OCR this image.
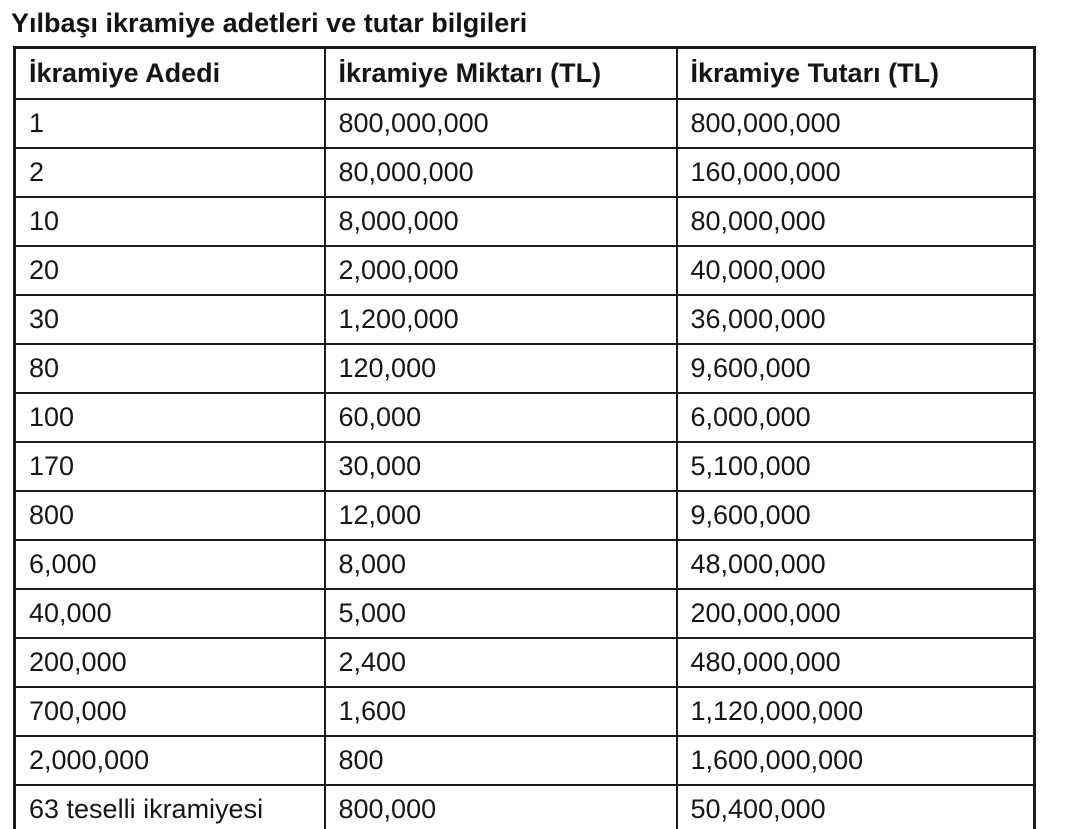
Yılbaşı ikramiye adetleri ve tutar bilgileri
İkramiye Adedi	İkramiye Miktarı (TL)	İkramiye Tutarı (TL)
1	800,000,000	800,000,000
2	80,000,000	160,000,000
10	8,000,000	80,000,000
20	2,000,000	40,000,000
30	1,200,000	36,000,000
80	120,000	9,600,000
100	60,000	6,000,000
170	30,000	5,100,000
800	12,000	9,600,000
6,000	8,000	48,000,000
40,000	5,000	200,000,000
200,000	2,400	480,000,000
700,000	1,600	1,120,000,000
2,000,000	800	1,600,000,000
63 teselli ikramiyesi	800,000	50,400,000
